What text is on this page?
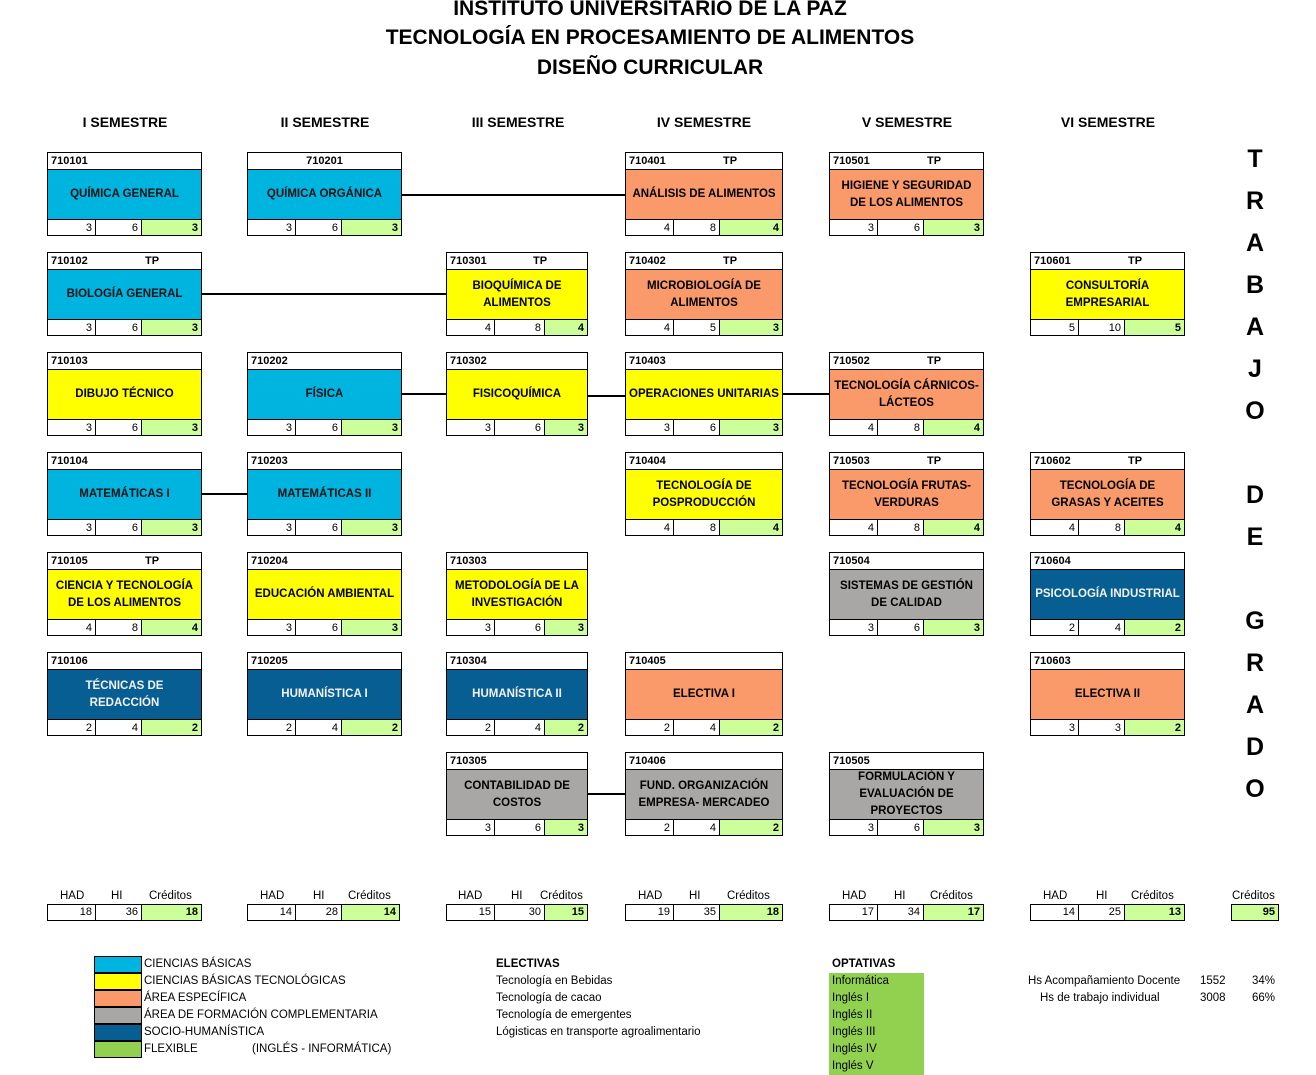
INSTITUTO UNIVERSITARIO DE LA PAZ
TECNOLOGÍA EN PROCESAMIENTO DE ALIMENTOS
DISEÑO CURRICULAR
I SEMESTRE	II SEMESTRE	III SEMESTRE	IV SEMESTRE	V SEMESTRE	VI SEMESTRE
710101
QUÍMICA GENERAL
3	6	3
710102	TP
BIOLOGÍA GENERAL
3	6	3
710103
DIBUJO TÉCNICO
3	6	3
710104
MATEMÁTICAS I
3	6	3
710105	TP
CIENCIA Y TECNOLOGÍA DE LOS ALIMENTOS
4	8	4
710106
TÉCNICAS DE REDACCIÓN
2	4	2
710201
QUÍMICA ORGÁNICA
3	6	3
710202
FÍSICA
3	6	3
710203
MATEMÁTICAS II
3	6	3
710204
EDUCACIÓN AMBIENTAL
3	6	3
710205
HUMANÍSTICA I
2	4	2
710301	TP
BIOQUÍMICA DE ALIMENTOS
4	8	4
710302
FISICOQUÍMICA
3	6	3
710303
METODOLOGÍA DE LA INVESTIGACIÓN
3	6	3
710304
HUMANÍSTICA II
2	4	2
710305
CONTABILIDAD DE COSTOS
3	6	3
710401	TP
ANÁLISIS DE ALIMENTOS
4	8	4
710402	TP
MICROBIOLOGÍA DE ALIMENTOS
4	5	3
710403
OPERACIONES UNITARIAS
3	6	3
710404
TECNOLOGÍA DE POSPRODUCCIÓN
4	8	4
710405
ELECTIVA I
2	4	2
710406
FUND. ORGANIZACIÓN EMPRESA- MERCADEO
2	4	2
710501	TP
HIGIENE Y SEGURIDAD DE LOS ALIMENTOS
3	6	3
710502	TP
TECNOLOGÍA CÁRNICOS- LÁCTEOS
4	8	4
710503	TP
TECNOLOGÍA FRUTAS- VERDURAS
4	8	4
710504
SISTEMAS DE GESTIÓN DE CALIDAD
3	6	3
710505
FORMULACIÓN Y EVALUACIÓN DE PROYECTOS
3	6	3
710601	TP
CONSULTORÍA EMPRESARIAL
5	10	5
710602	TP
TECNOLOGÍA DE GRASAS Y ACEITES
4	8	4
710604
PSICOLOGÍA INDUSTRIAL
2	4	2
710603
ELECTIVA II
3	3	2
T
R
A
B
A
J
O
D
E
G
R
A
D
O
HAD HI Créditos
18	36	18
HAD HI Créditos
14	28	14
HAD HI Créditos
15	30	15
HAD HI Créditos
19	35	18
HAD HI Créditos
17	34	17
HAD HI Créditos
14	25	13
Créditos
95
CIENCIAS BÁSICAS
CIENCIAS BÁSICAS TECNOLÓGICAS
ÁREA ESPECÍFICA
ÁREA DE FORMACIÓN COMPLEMENTARIA
SOCIO-HUMANÍSTICA
FLEXIBLE	(INGLÉS - INFORMÁTICA)
ELECTIVAS
Tecnología en Bebidas
Tecnología de cacao
Tecnología de emergentes
Lógisticas en transporte agroalimentario
OPTATIVAS
Informática
Inglés I
Inglés II
Inglés III
Inglés IV
Inglés V
Hs Acompañamiento Docente	1552 34%
Hs de trabajo individual	3008 66%
